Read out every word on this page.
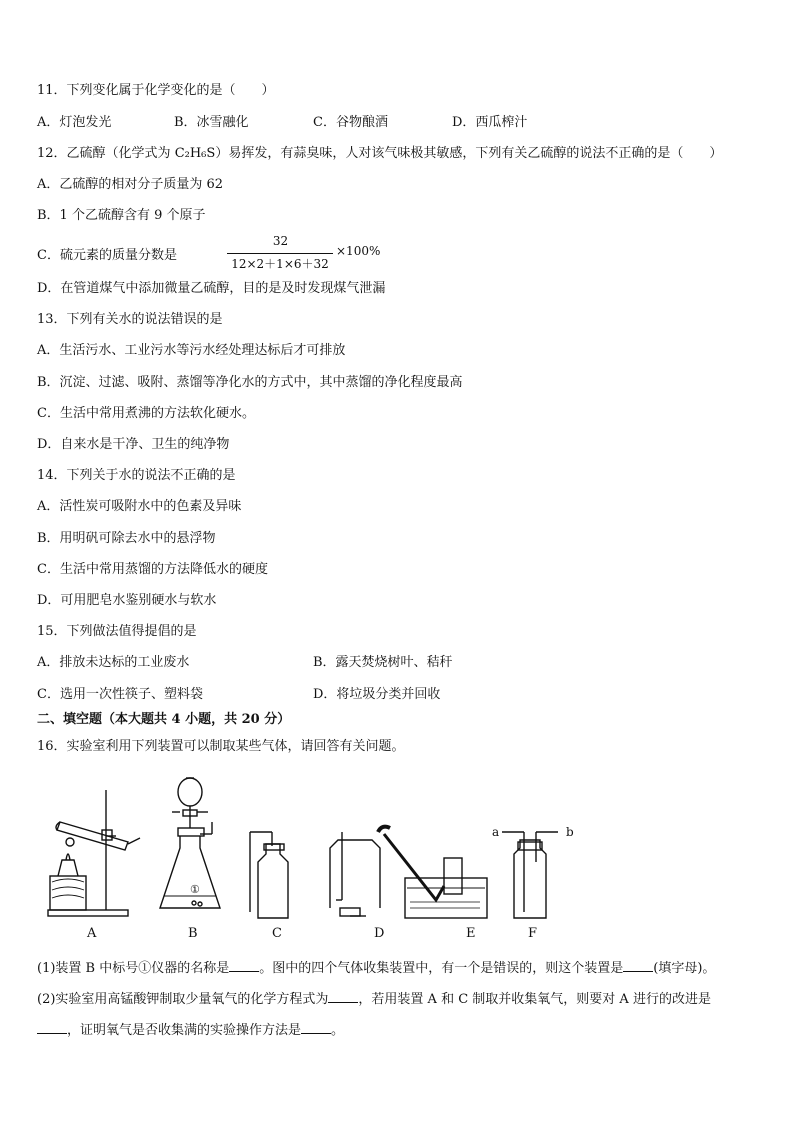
11．下列变化属于化学变化的是（　　）
A．灯泡发光	B．冰雪融化	C．谷物酿酒	D．西瓜榨汁
12．乙硫醇（化学式为 C₂H₆S）易挥发，有蒜臭味，人对该气味极其敏感，下列有关乙硫醇的说法不正确的是（　　）
A．乙硫醇的相对分子质量为 62
B．1 个乙硫醇含有 9 个原子
C．硫元素的质量分数是
32
12×2＋1×6＋32
×100%
D．在管道煤气中添加微量乙硫醇，目的是及时发现煤气泄漏
13．下列有关水的说法错误的是
A．生活污水、工业污水等污水经处理达标后才可排放
B．沉淀、过滤、吸附、蒸馏等净化水的方式中，其中蒸馏的净化程度最高
C．生活中常用煮沸的方法软化硬水。
D．自来水是干净、卫生的纯净物
14．下列关于水的说法不正确的是
A．活性炭可吸附水中的色素及异味
B．用明矾可除去水中的悬浮物
C．生活中常用蒸馏的方法降低水的硬度
D．可用肥皂水鉴别硬水与软水
15．下列做法值得提倡的是
A．排放未达标的工业废水	B．露天焚烧树叶、秸秆
C．选用一次性筷子、塑料袋	D．将垃圾分类并回收
二、填空题（本大题共 4 小题，共 20 分）
16．实验室利用下列装置可以制取某些气体，请回答有关问题。
①
a	b
A	B	C	D	E	F
(1)装置 B 中标号①仪器的名称是 。图中的四个气体收集装置中，有一个是错误的，则这个装置是 (填字母)。
(2)实验室用高锰酸钾制取少量氧气的化学方程式为 ，若用装置 A 和 C 制取并收集氧气，则要对 A 进行的改进是
，证明氧气是否收集满的实验操作方法是 。
